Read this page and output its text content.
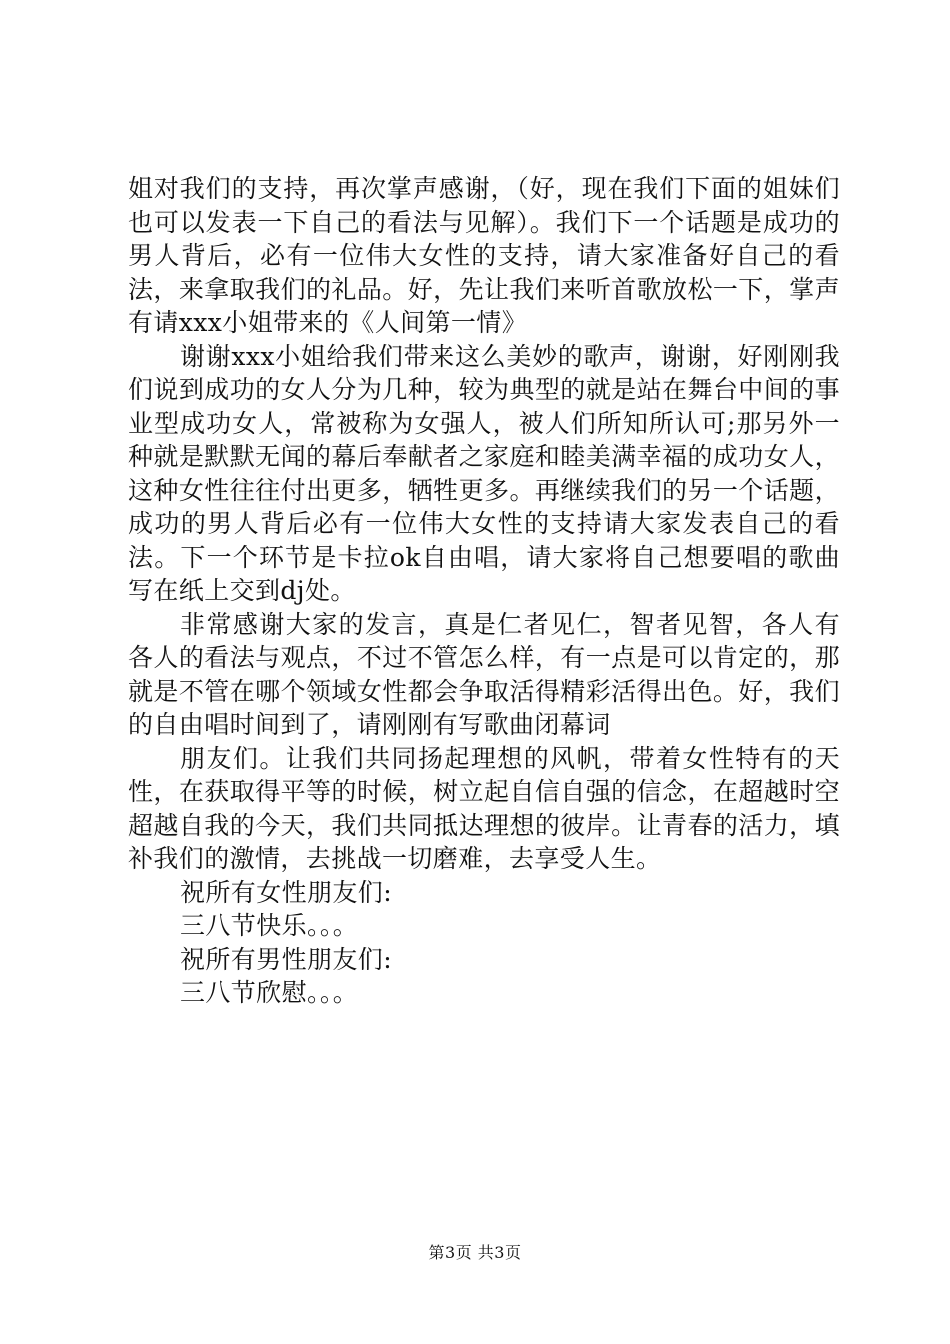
姐对我们的支持，再次掌声感谢，（好，现在我们下面的姐妹们也可以发表一下自己的看法与见解）。我们下一个话题是成功的男人背后，必有一位伟大女性的支持，请大家准备好自己的看法，来拿取我们的礼品。好，先让我们来听首歌放松一下，掌声有请xxx小姐带来的《人间第一情》

谢谢xxx小姐给我们带来这么美妙的歌声，谢谢，好刚刚我们说到成功的女人分为几种，较为典型的就是站在舞台中间的事业型成功女人，常被称为女强人，被人们所知所认可;那另外一种就是默默无闻的幕后奉献者之家庭和睦美满幸福的成功女人，这种女性往往付出更多，牺牲更多。再继续我们的另一个话题，成功的男人背后必有一位伟大女性的支持请大家发表自己的看法。下一个环节是卡拉ok自由唱，请大家将自己想要唱的歌曲写在纸上交到dj处。

非常感谢大家的发言，真是仁者见仁，智者见智，各人有各人的看法与观点，不过不管怎么样，有一点是可以肯定的，那就是不管在哪个领域女性都会争取活得精彩活得出色。好，我们的自由唱时间到了，请刚刚有写歌曲闭幕词

朋友们。让我们共同扬起理想的风帆，带着女性特有的天性，在获取得平等的时候，树立起自信自强的信念，在超越时空超越自我的今天，我们共同抵达理想的彼岸。让青春的活力，填补我们的激情，去挑战一切磨难，去享受人生。

祝所有女性朋友们:

三八节快乐。。。

祝所有男性朋友们:

三八节欣慰。。。

第3页 共3页
